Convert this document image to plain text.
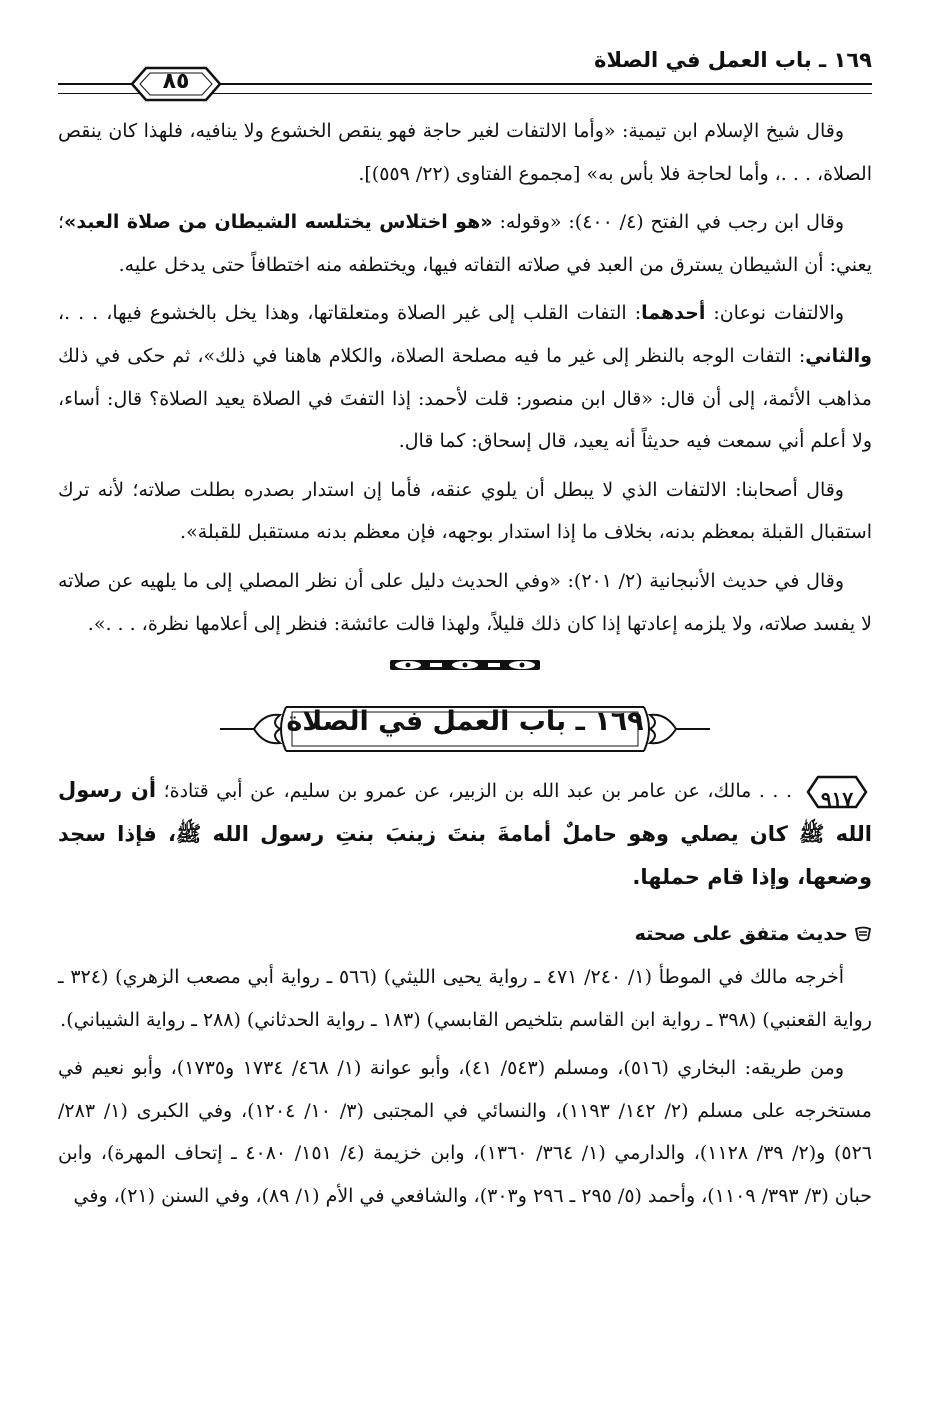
١٦٩ ـ باب العمل في الصلاة
٨٥

وقال شيخ الإسلام ابن تيمية: «وأما الالتفات لغير حاجة فهو ينقص الخشوع ولا ينافيه، فلهذا كان ينقص الصلاة، . . .، وأما لحاجة فلا بأس به» [مجموع الفتاوى (٢٢/ ٥٥٩)].

وقال ابن رجب في الفتح (٤/ ٤٠٠): «وقوله: «هو اختلاس يختلسه الشيطان من صلاة العبد»؛ يعني: أن الشيطان يسترق من العبد في صلاته التفاته فيها، ويختطفه منه اختطافاً حتى يدخل عليه.

والالتفات نوعان: أحدهما: التفات القلب إلى غير الصلاة ومتعلقاتها، وهذا يخل بالخشوع فيها، . . .، والثاني: التفات الوجه بالنظر إلى غير ما فيه مصلحة الصلاة، والكلام هاهنا في ذلك»، ثم حكى في ذلك مذاهب الأئمة، إلى أن قال: «قال ابن منصور: قلت لأحمد: إذا التفتَ في الصلاة يعيد الصلاة؟ قال: أساء، ولا أعلم أني سمعت فيه حديثاً أنه يعيد، قال إسحاق: كما قال.

وقال أصحابنا: الالتفات الذي لا يبطل أن يلوي عنقه، فأما إن استدار بصدره بطلت صلاته؛ لأنه ترك استقبال القبلة بمعظم بدنه، بخلاف ما إذا استدار بوجهه، فإن معظم بدنه مستقبل للقبلة».

وقال في حديث الأنبجانية (٢/ ٢٠١): «وفي الحديث دليل على أن نظر المصلي إلى ما يلهيه عن صلاته لا يفسد صلاته، ولا يلزمه إعادتها إذا كان ذلك قليلاً، ولهذا قالت عائشة: فنظر إلى أعلامها نظرة، . . .».

١٦٩ ـ باب العمل في الصلاة

٩١٧
. . . مالك، عن عامر بن عبد الله بن الزبير، عن عمرو بن سليم، عن أبي قتادة؛ أن رسول الله ﷺ كان يصلي وهو حاملٌ أمامةَ بنتَ زينبَ بنتِ رسول الله ﷺ، فإذا سجد وضعها، وإذا قام حملها.

حديث متفق على صحته

أخرجه مالك في الموطأ (١/ ٢٤٠/ ٤٧١ ـ رواية يحيى الليثي) (٥٦٦ ـ رواية أبي مصعب الزهري) (٣٢٤ ـ رواية القعنبي) (٣٩٨ ـ رواية ابن القاسم بتلخيص القابسي) (١٨٣ ـ رواية الحدثاني) (٢٨٨ ـ رواية الشيباني).

ومن طريقه: البخاري (٥١٦)، ومسلم (٥٤٣/ ٤١)، وأبو عوانة (١/ ٤٦٨/ ١٧٣٤ و١٧٣٥)، وأبو نعيم في مستخرجه على مسلم (٢/ ١٤٢/ ١١٩٣)، والنسائي في المجتبى (٣/ ١٠/ ١٢٠٤)، وفي الكبرى (١/ ٢٨٣/ ٥٢٦) و(٢/ ٣٩/ ١١٢٨)، والدارمي (١/ ٣٦٤/ ١٣٦٠)، وابن خزيمة (٤/ ١٥١/ ٤٠٨٠ ـ إتحاف المهرة)، وابن حبان (٣/ ٣٩٣/ ١١٠٩)، وأحمد (٥/ ٢٩٥ ـ ٢٩٦ و٣٠٣)، والشافعي في الأم (١/ ٨٩)، وفي السنن (٢١)، وفي
